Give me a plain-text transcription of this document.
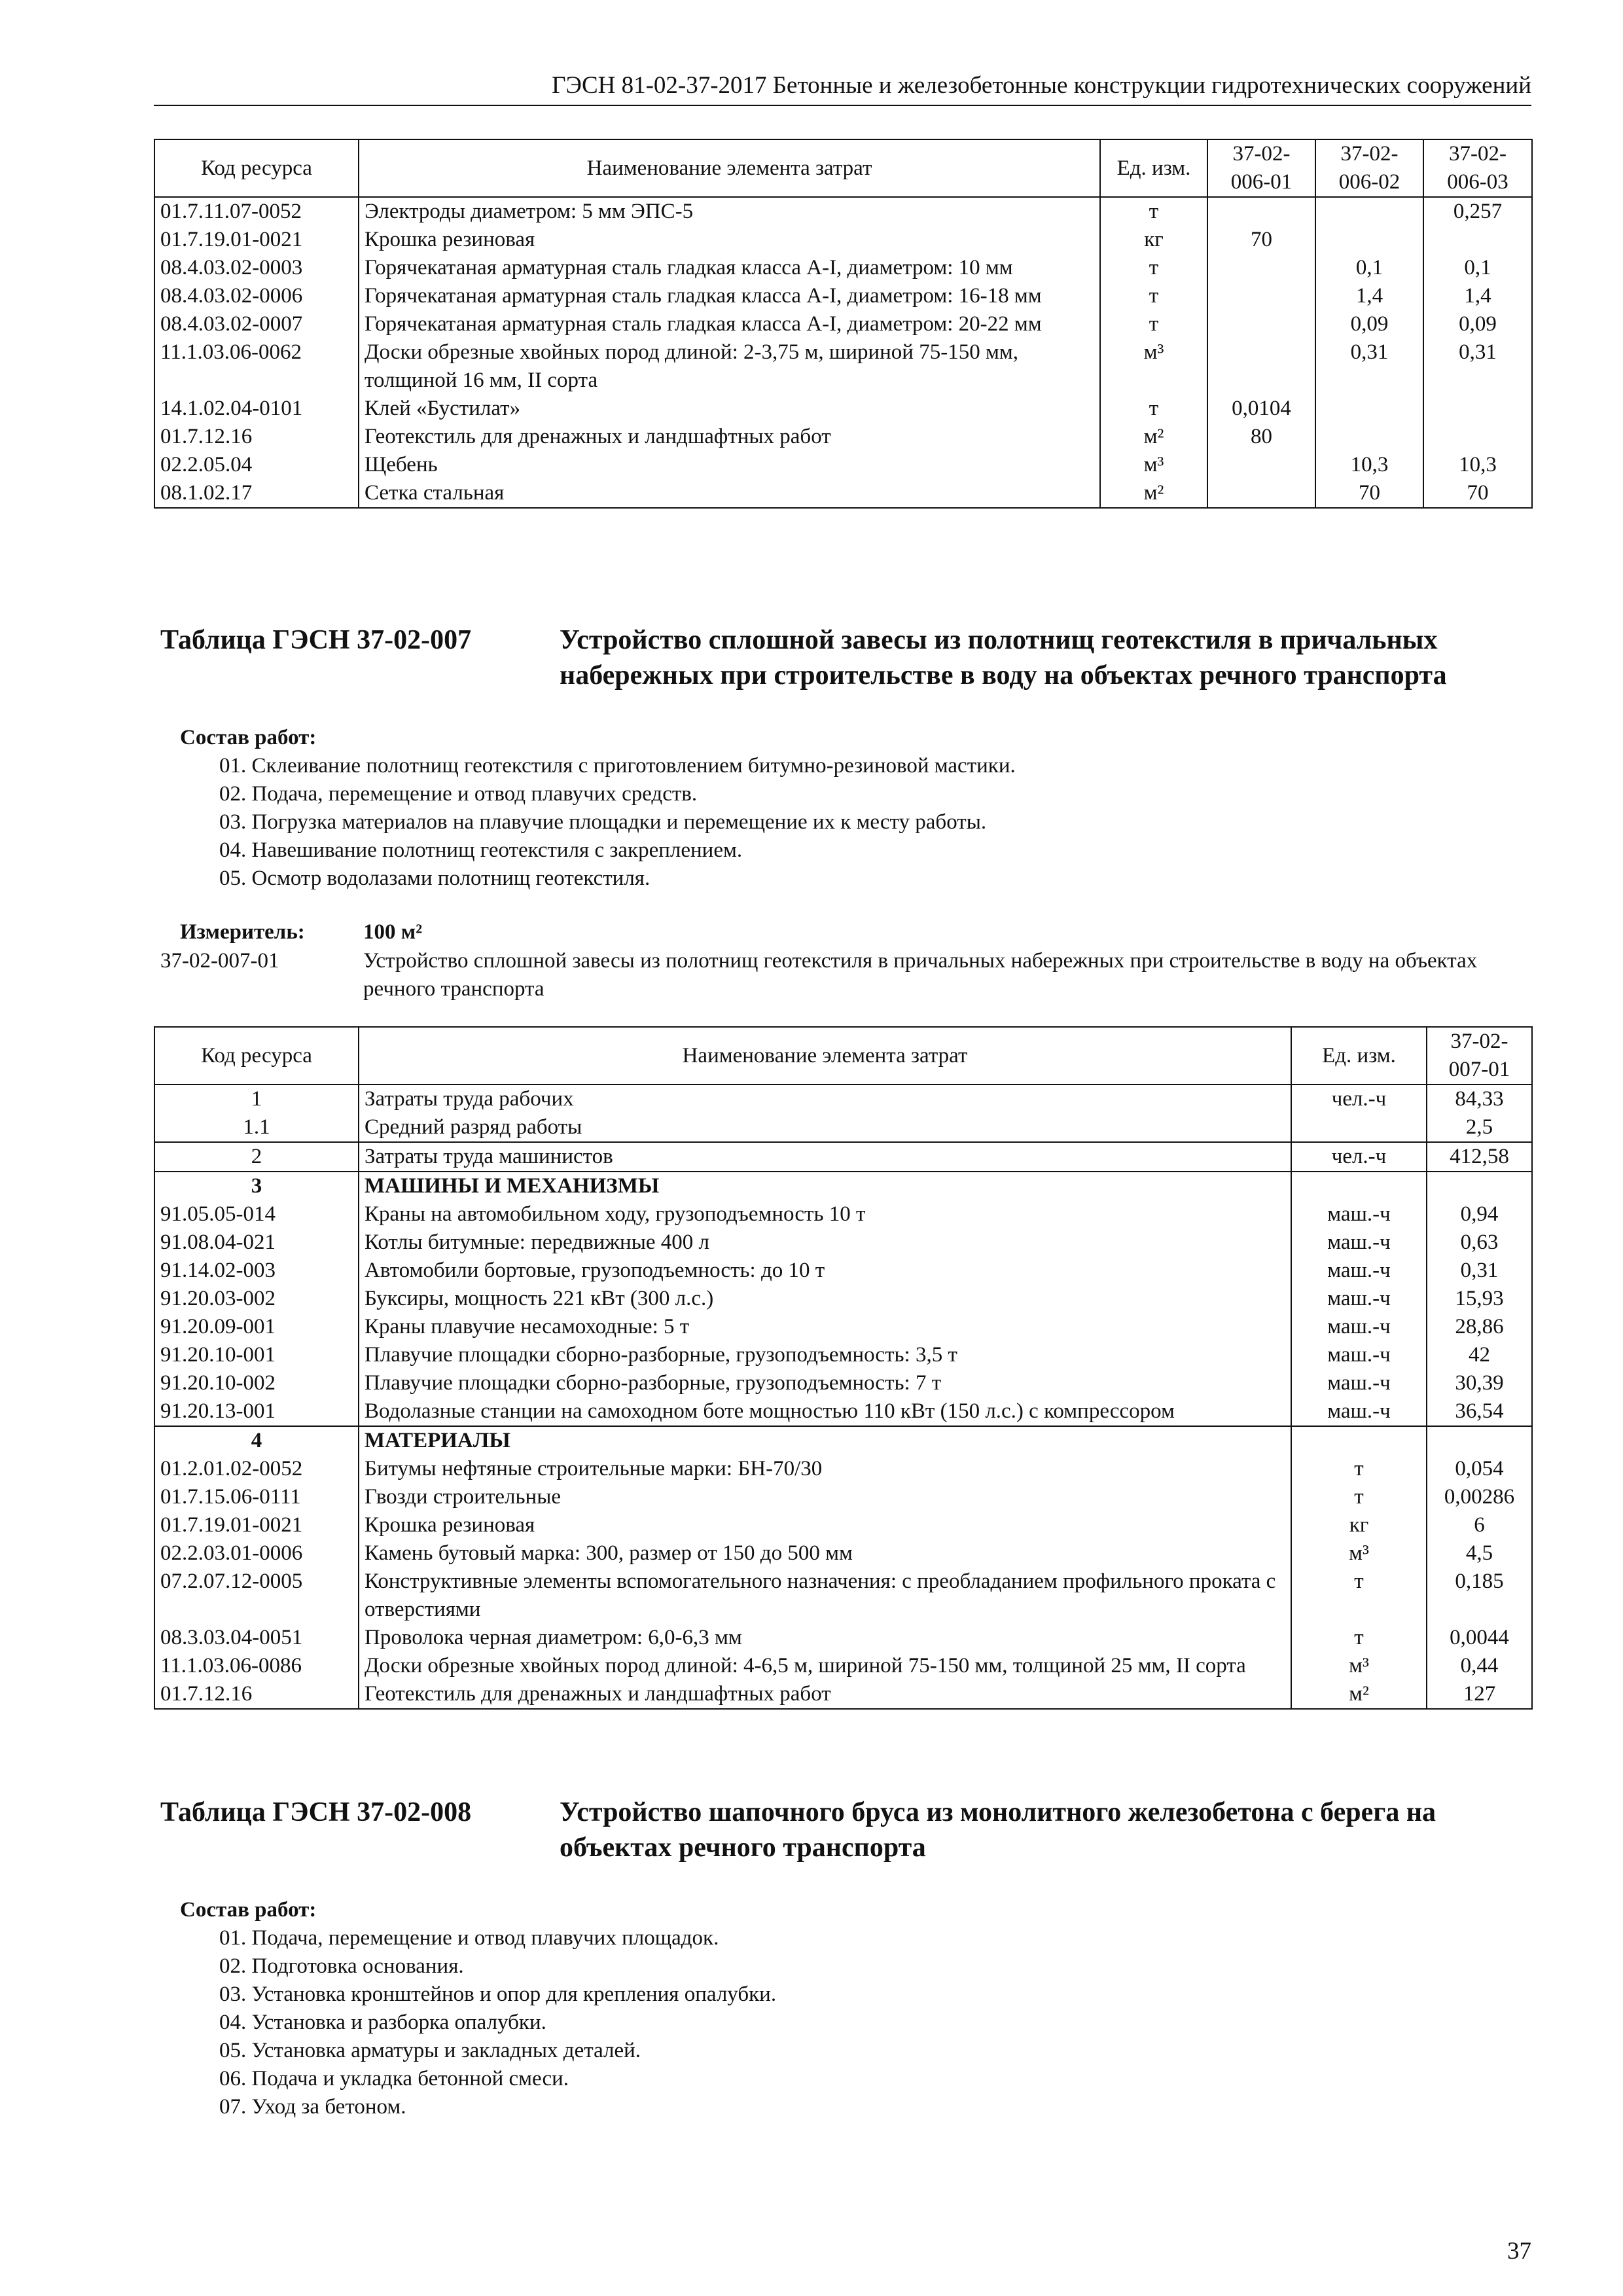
ГЭСН 81-02-37-2017 Бетонные и железобетонные конструкции гидротехнических сооружений
Код ресурса	Наименование элемента затрат	Ед. изм.	37-02-006-01	37-02-006-02	37-02-006-03
01.7.11.07-0052	Электроды диаметром: 5 мм ЭПС-5	т			0,257
01.7.19.01-0021	Крошка резиновая	кг	70		
08.4.03.02-0003	Горячекатаная арматурная сталь гладкая класса А-I, диаметром: 10 мм	т		0,1	0,1
08.4.03.02-0006	Горячекатаная арматурная сталь гладкая класса А-I, диаметром: 16-18 мм	т		1,4	1,4
08.4.03.02-0007	Горячекатаная арматурная сталь гладкая класса А-I, диаметром: 20-22 мм	т		0,09	0,09
11.1.03.06-0062	Доски обрезные хвойных пород длиной: 2-3,75 м, шириной 75-150 мм, толщиной 16 мм, II сорта	м³		0,31	0,31
14.1.02.04-0101	Клей «Бустилат»	т	0,0104		
01.7.12.16	Геотекстиль для дренажных и ландшафтных работ	м²	80		
02.2.05.04	Щебень	м³		10,3	10,3
08.1.02.17	Сетка стальная	м²		70	70
Таблица ГЭСН 37-02-007	Устройство сплошной завесы из полотнищ геотекстиля в причальных набережных при строительстве в воду на объектах речного транспорта
Состав работ:
01. Склеивание полотнищ геотекстиля с приготовлением битумно-резиновой мастики.
02. Подача, перемещение и отвод плавучих средств.
03. Погрузка материалов на плавучие площадки и перемещение их к месту работы.
04. Навешивание полотнищ геотекстиля с закреплением.
05. Осмотр водолазами полотнищ геотекстиля.
Измеритель:	100 м²
37-02-007-01	Устройство сплошной завесы из полотнищ геотекстиля в причальных набережных при строительстве в воду на объектах речного транспорта
Код ресурса	Наименование элемента затрат	Ед. изм.	37-02-007-01
1	Затраты труда рабочих	чел.-ч	84,33
1.1	Средний разряд работы		2,5
2	Затраты труда машинистов	чел.-ч	412,58
3	МАШИНЫ И МЕХАНИЗМЫ		
91.05.05-014	Краны на автомобильном ходу, грузоподъемность 10 т	маш.-ч	0,94
91.08.04-021	Котлы битумные: передвижные 400 л	маш.-ч	0,63
91.14.02-003	Автомобили бортовые, грузоподъемность: до 10 т	маш.-ч	0,31
91.20.03-002	Буксиры, мощность 221 кВт (300 л.с.)	маш.-ч	15,93
91.20.09-001	Краны плавучие несамоходные: 5 т	маш.-ч	28,86
91.20.10-001	Плавучие площадки сборно-разборные, грузоподъемность: 3,5 т	маш.-ч	42
91.20.10-002	Плавучие площадки сборно-разборные, грузоподъемность: 7 т	маш.-ч	30,39
91.20.13-001	Водолазные станции на самоходном боте мощностью 110 кВт (150 л.с.) с компрессором	маш.-ч	36,54
4	МАТЕРИАЛЫ		
01.2.01.02-0052	Битумы нефтяные строительные марки: БН-70/30	т	0,054
01.7.15.06-0111	Гвозди строительные	т	0,00286
01.7.19.01-0021	Крошка резиновая	кг	6
02.2.03.01-0006	Камень бутовый марка: 300, размер от 150 до 500 мм	м³	4,5
07.2.07.12-0005	Конструктивные элементы вспомогательного назначения: с преобладанием профильного проката с отверстиями	т	0,185
08.3.03.04-0051	Проволока черная диаметром: 6,0-6,3 мм	т	0,0044
11.1.03.06-0086	Доски обрезные хвойных пород длиной: 4-6,5 м, шириной 75-150 мм, толщиной 25 мм, II сорта	м³	0,44
01.7.12.16	Геотекстиль для дренажных и ландшафтных работ	м²	127
Таблица ГЭСН 37-02-008	Устройство шапочного бруса из монолитного железобетона с берега на объектах речного транспорта
Состав работ:
01. Подача, перемещение и отвод плавучих площадок.
02. Подготовка основания.
03. Установка кронштейнов и опор для крепления опалубки.
04. Установка и разборка опалубки.
05. Установка арматуры и закладных деталей.
06. Подача и укладка бетонной смеси.
07. Уход за бетоном.
37
